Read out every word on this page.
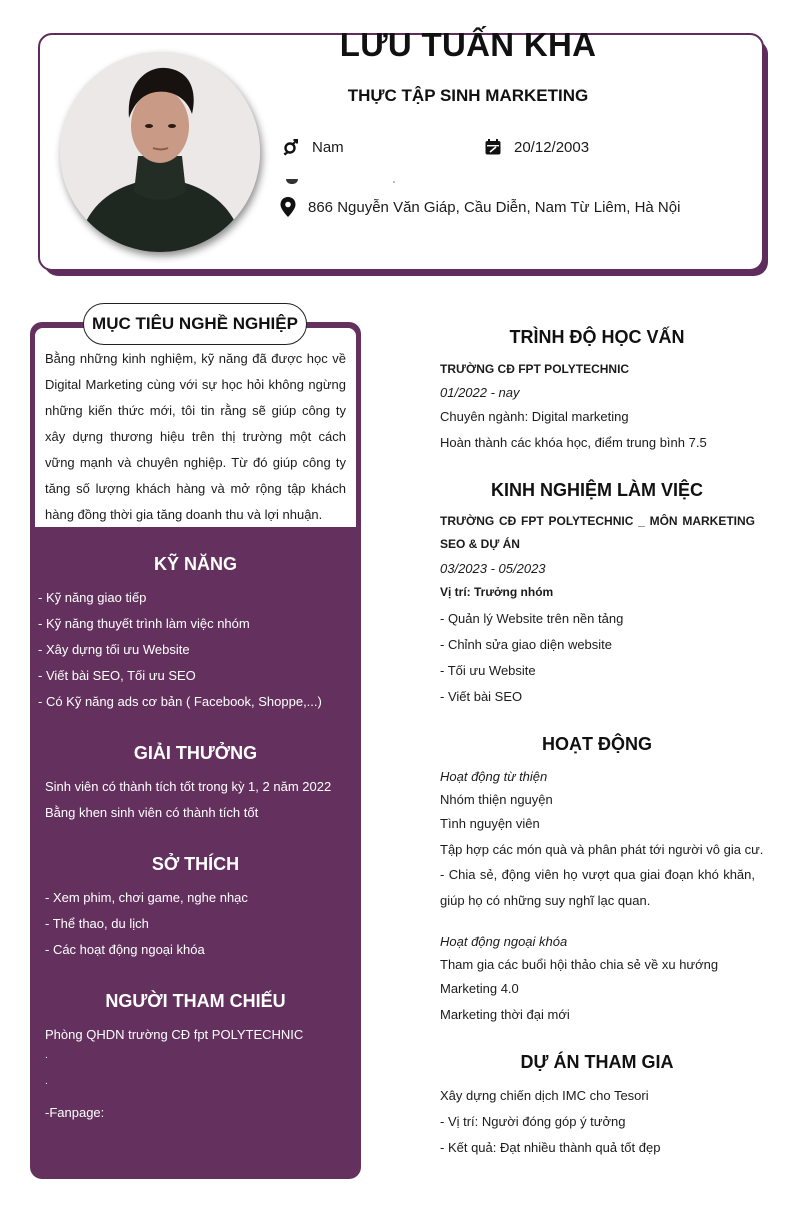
LƯU TUẤN KHA
THỰC TẬP SINH MARKETING
Nam	20/12/2003
866 Nguyễn Văn Giáp, Cầu Diễn, Nam Từ Liêm, Hà Nội
MỤC TIÊU NGHỀ NGHIỆP
Bằng những kinh nghiệm, kỹ năng đã được học về Digital Marketing cùng với sự học hỏi không ngừng những kiến thức mới, tôi tin rằng sẽ giúp công ty xây dựng thương hiệu trên thị trường một cách vững mạnh và chuyên nghiệp. Từ đó giúp công ty tăng số lượng khách hàng và mở rộng tập khách hàng đồng thời gia tăng doanh thu và lợi nhuận.
KỸ NĂNG
- Kỹ năng giao tiếp
- Kỹ năng thuyết trình làm việc nhóm
- Xây dựng tối ưu Website
- Viết bài SEO, Tối ưu SEO
- Có Kỹ năng ads cơ bản ( Facebook, Shoppe,...)
GIẢI THƯỞNG
Sinh viên có thành tích tốt trong kỳ 1, 2 năm 2022
Bằng khen sinh viên có thành tích tốt
SỞ THÍCH
- Xem phim, chơi game, nghe nhạc
- Thể thao, du lịch
- Các hoạt động ngoại khóa
NGƯỜI THAM CHIẾU
Phòng QHDN trường CĐ fpt POLYTECHNIC
.
.
-Fanpage:
TRÌNH ĐỘ HỌC VẤN
TRƯỜNG CĐ FPT POLYTECHNIC
01/2022 - nay
Chuyên ngành: Digital marketing
Hoàn thành các khóa học, điểm trung bình 7.5
KINH NGHIỆM LÀM VIỆC
TRƯỜNG CĐ FPT POLYTECHNIC _ MÔN MARKETING SEO & DỰ ÁN
03/2023 - 05/2023
Vị trí: Trưởng nhóm
- Quản lý Website trên nền tảng
- Chỉnh sửa giao diện website
- Tối ưu Website
- Viết bài SEO
HOẠT ĐỘNG
Hoạt động từ thiện
Nhóm thiện nguyện
Tình nguyện viên
Tập hợp các món quà và phân phát tới người vô gia cư.
- Chia sẻ, động viên họ vượt qua giai đoạn khó khăn, giúp họ có những suy nghĩ lạc quan.
Hoạt động ngoại khóa
Tham gia các buổi hội thảo chia sẻ về xu hướng
Marketing 4.0
Marketing thời đại mới
DỰ ÁN THAM GIA
Xây dựng chiến dịch IMC cho Tesori
- Vị trí: Người đóng góp ý tưởng
- Kết quả: Đạt nhiều thành quả tốt đẹp
